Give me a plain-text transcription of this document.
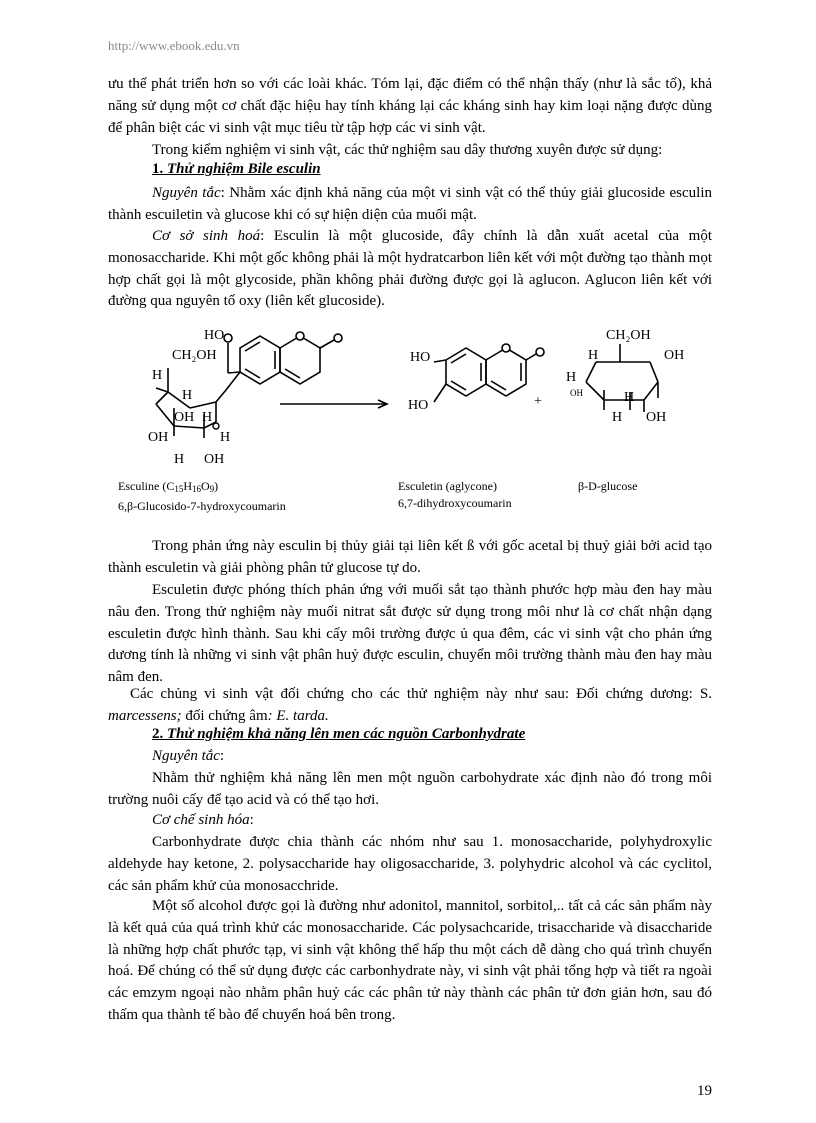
http://www.ebook.edu.vn

ưu thế phát triển hơn so với các loài khác. Tóm lại, đặc điểm có thể nhận thấy (như là sắc tố), khả năng sử dụng một cơ chất đặc hiệu hay tính kháng lại các kháng sinh hay kim loại nặng được dùng để phân biệt các vi sinh vật mục tiêu từ tập hợp các vi sinh vật.

Trong kiểm nghiệm vi sinh vật, các thử nghiệm sau dây thương xuyên được sử dụng:

1. Thử nghiệm Bile esculin

Nguyên tắc: Nhằm xác định khả năng của một vi sinh vật có thể thủy giải glucoside esculin thành escuiletin và glucose khi có sự hiện diện của muối mật.

Cơ sở sinh hoá: Esculin là một glucoside, đây chính là dẫn xuất acetal của một monosaccharide. Khi một gốc không phải là một hydratcarbon liên kết với một đường tạo thành mọt hợp chất gọi là một glycoside, phần không phải đường được gọi là aglucon. Aglucon liên kết với đường qua nguyên tố oxy (liên kết glucoside).

HO
CH₂OH
H
H
OH H
OH	H
H OH
HO
HO	+
CH₂OH
H	OH
H
OH	H
H OH
Esculine $(C_{15}H_{16}O_9)$
6,β-Glucosido-7-hydroxycoumarin
Esculetin (aglycone)
6,7-dihydroxycoumarin
β-D-glucose

Trong phản ứng này esculin bị thủy giải tại liên kết ß với gốc acetal bị thuỷ giải bởi acid tạo thành esculetin và giải phòng phân tử glucose tự do.

Esculetin được phóng thích phản ứng với muối sắt tạo thành phước hợp màu đen hay màu nâu đen. Trong thử nghiệm này muối nitrat sắt được sử dụng trong môi như là cơ chất nhận dạng esculetin được hình thành. Sau khi cấy môi trường được ủ qua đêm, các vi sinh vật cho phản ứng dương tính là những vi sinh vật phân huỷ được esculin, chuyển môi trường thành màu đen hay màu nâm đen.

Các chủng vi sinh vật đối chứng cho các thử nghiệm này như sau: Đối chứng dương: S. marcessens; đối chứng âm: E. tarda.

2. Thử nghiệm khả năng lên men các nguồn Carbonhydrate

Nguyên tắc:

Nhằm thử nghiệm khả năng lên men một nguồn carbohydrate xác định nào đó trong môi trường nuôi cấy để tạo acid và có thể tạo hơi.

Cơ chế sinh hóa:

Carbonhydrate được chia thành các nhóm như sau 1. monosaccharide, polyhydroxylic aldehyde hay ketone, 2. polysaccharide hay oligosaccharide, 3. polyhydric alcohol và các cyclitol, các sản phẩm khử của monosacchride.

Một số alcohol được gọi là đường như adonitol, mannitol, sorbitol,.. tất cả các sản phẩm này là kết quả của quá trình khử các monosaccharide. Các polysachcaride, trisaccharide và disaccharide là những hợp chất phước tạp, vi sinh vật không thể hấp thu một cách dễ dàng cho quá trình chuyển hoá. Để chúng có thể sử dụng được các carbonhydrate này, vi sinh vật phải tổng hợp và tiết ra ngoài các emzym ngoại nào nhằm phân huỷ các các phân tử này thành các phân tử đơn giản hơn, sau đó thấm qua thành tế bào để chuyển hoá bên trong.

19
